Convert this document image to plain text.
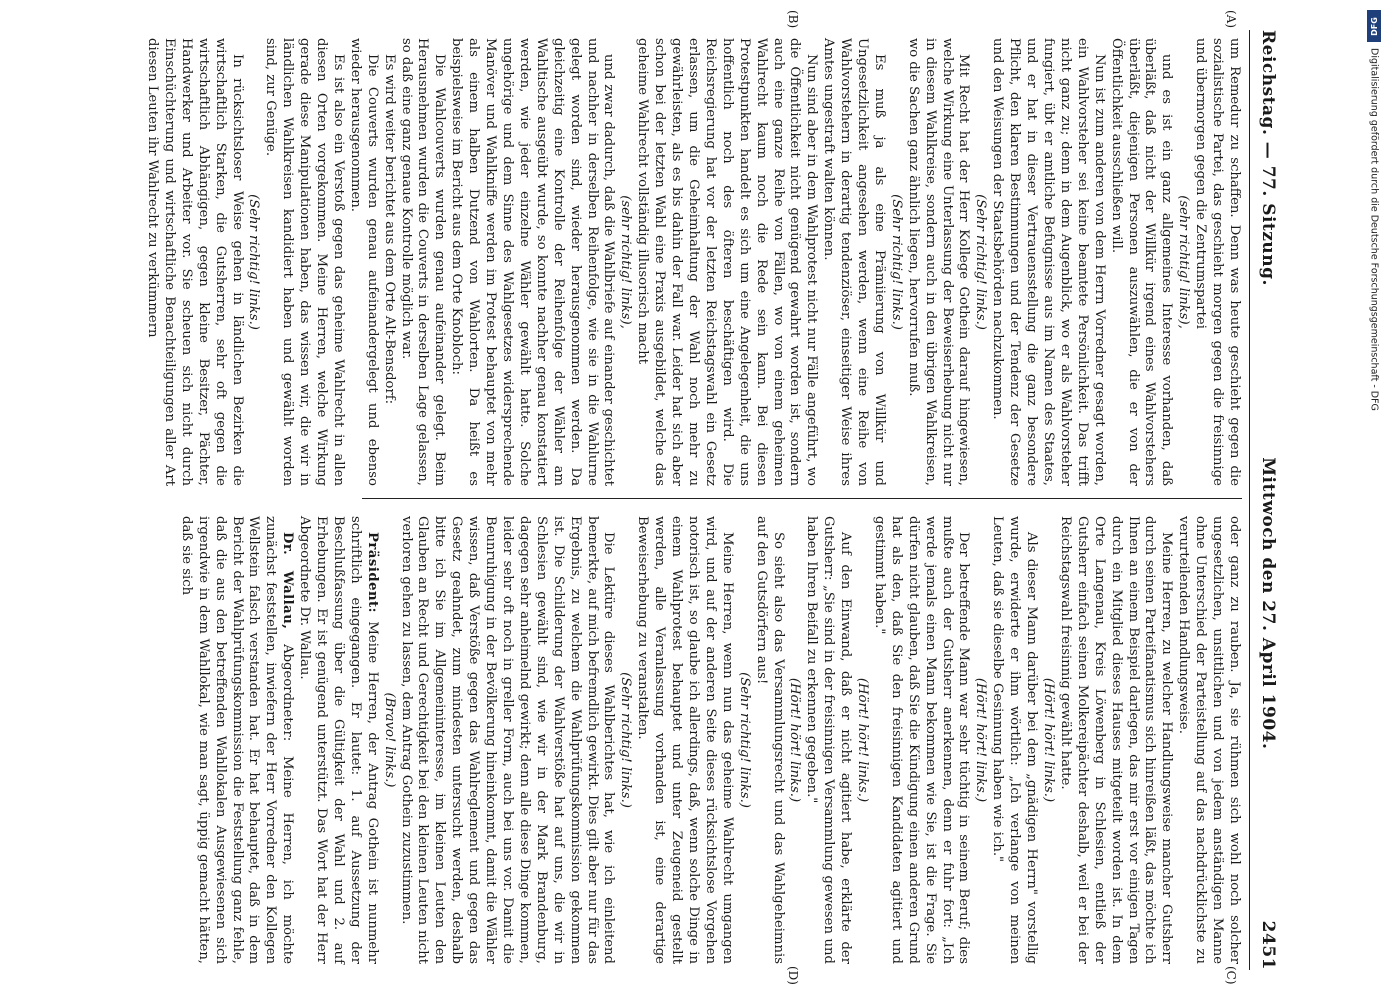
DFG
Digitalisierung gefördert durch die Deutsche Forschungsgemeinschaft - DFG
Reichstag. — 77. Sitzung.
Mittwoch den 27. April 1904.
2451
(A)
(B)
(C)
(D)

um Remedur zu schaffen. Denn was heute geschieht gegen die sozialistische Partei, das geschieht morgen gegen die freisinnige und übermorgen gegen die Zentrumspartei

(sehr richtig! links),

und es ist ein ganz allgemeines Interesse vorhanden, daß überläßt, daß nicht der Willkür irgend eines Wahlvorstehers überläßt, diejenigen Personen auszuwählen, die er von der Öffentlichkeit ausschließen will.

Nun ist zum anderen von dem Herrn Vorredner gesagt worden, ein Wahlvorsteher sei keine beamtete Persönlichkeit. Das trifft nicht ganz zu; denn in dem Augenblick, wo er als Wahlvorsteher fungiert, übt er amtliche Befugnisse aus im Namen des Staates, und er hat in dieser Vertrauensstellung die ganz besondere Pflicht, den klaren Bestimmungen und der Tendenz der Gesetze und den Weisungen der Staatsbehörden nachzukommen.

(Sehr richtig! links.)

Mit Recht hat der Herr Kollege Gothein darauf hingewiesen, welche Wirkung eine Unterlassung der Beweiserhebung nicht nur in diesem Wahlkreise, sondern auch in den übrigen Wahlkreisen, wo die Sachen ganz ähnlich liegen, hervorrufen muß.

(Sehr richtig! links.)

Es muß ja als eine Prämiierung von Willkür und Ungesetzlichkeit angesehen werden, wenn eine Reihe von Wahlvorstehern in derartig tendenziöser, einseitiger Weise ihres Amtes ungestraft walten können.

Nun sind aber in dem Wahlprotest nicht nur Fälle angeführt, wo die Öffentlichkeit nicht genügend gewahrt worden ist, sondern auch eine ganze Reihe von Fällen, wo von einem geheimen Wahlrecht kaum noch die Rede sein kann. Bei diesen Protestpunkten handelt es sich um eine Angelegenheit, die uns hoffentlich noch des öfteren beschäftigen wird. Die Reichsregierung hat vor der letzten Reichstagswahl ein Gesetz erlassen, um die Geheimhaltung der Wahl noch mehr zu gewährleisten, als es bis dahin der Fall war. Leider hat sich aber schon bei der letzten Wahl eine Praxis ausgebildet, welche das geheime Wahlrecht vollständig illusorisch macht

(sehr richtig! links),

und zwar dadurch, daß die Wahlbriefe auf einander geschichtet und nachher in derselben Reihenfolge, wie sie in die Wahlurne gelegt worden sind, wieder herausgenommen werden. Da gleichzeitig eine Kontrolle der Reihenfolge der Wähler am Wahltische ausgeübt wurde, so konnte nachher genau konstatiert werden, wie jeder einzelne Wähler gewählt hatte. Solche ungehörige und dem Sinne des Wahlgesetzes widersprechende Manöver und Wahlkniffe werden im Protest behauptet von mehr als einem halben Dutzend von Wahlorten. Da heißt es beispielsweise im Bericht aus dem Orte Knobloch:

Die Wahlcouverts wurden genau aufeinander gelegt. Beim Herausnehmen wurden die Couverts in derselben Lage gelassen, so daß eine ganz genaue Kontrolle möglich war.

Es wird weiter berichtet aus dem Orte Alt-Bensdorf:

Die Couverts wurden genau aufeinandergelegt und ebenso wieder herausgenommen.

Es ist also ein Verstoß gegen das geheime Wahlrecht in allen diesen Orten vorgekommen. Meine Herren, welche Wirkung gerade diese Manipulationen haben, das wissen wir, die wir in ländlichen Wahlkreisen kandidiert haben und gewählt worden sind, zur Genüge.

(Sehr richtig! links.)

In rücksichtsloser Weise gehen in ländlichen Bezirken die wirtschaftlich Starken, die Gutsherren, sehr oft gegen die wirtschaftlich Abhängigen, gegen kleine Besitzer, Pächter, Handwerker und Arbeiter vor. Sie scheuen sich nicht durch Einschüchterung und wirtschaftliche Benachteiligungen aller Art diesen Leuten ihr Wahlrecht zu verkümmern

oder ganz zu rauben. Ja, sie rühmen sich wohl noch solcher ungesetzlichen, unsittlichen und von jedem anständigen Manne ohne Unterschied der Parteistellung auf das nachdrücklichste zu verurteilenden Handlungsweise.

Meine Herren, zu welcher Handlungsweise mancher Gutsherr durch seinen Parteifanatismus sich hinreißen läßt, das möchte ich Ihnen an einem Beispiel darlegen, das mir erst vor einigen Tagen durch ein Mitglied dieses Hauses mitgeteilt worden ist. In dem Orte Langenau, Kreis Löwenberg in Schlesien, entließ der Gutsherr einfach seinen Molkereipächter deshalb, weil er bei der Reichstagswahl freisinnig gewählt hatte.

(Hört! hört! links.)

Als dieser Mann darüber bei dem „gnädigen Herrn" vorstellig wurde, erwiderte er ihm wörtlich: „Ich verlange von meinen Leuten, daß sie dieselbe Gesinnung haben wie ich."

(Hört! hört! links.)

Der betreffende Mann war sehr tüchtig in seinem Beruf; dies mußte auch der Gutsherr anerkennen, denn er fuhr fort: „Ich werde jemals einen Mann bekommen wie Sie, ist die Frage. Sie dürfen nicht glauben, daß Sie die Kündigung einen anderen Grund hat als den, daß Sie den freisinnigen Kandidaten agitiert und gestimmt haben."

(Hört! hört! links.)

Auf den Einwand, daß er nicht agitiert habe, erklärte der Gutsherr: „Sie sind in der freisinnigen Versammlung gewesen und haben Ihren Beifall zu erkennen gegeben."

(Hört! hört! links.)

So sieht also das Versammlungsrecht und das Wahlgeheimnis auf den Gutsdörfern aus!

(Sehr richtig! links.)

Meine Herren, wenn nun das geheime Wahlrecht umgangen wird, und auf der anderen Seite dieses rücksichtslose Vorgehen notorisch ist, so glaube ich allerdings, daß, wenn solche Dinge in einem Wahlprotest behauptet und unter Zeugeneid gestellt werden, alle Veranlassung vorhanden ist, eine derartige Beweiserhebung zu veranstalten.

(Sehr richtig! links.)

Die Lektüre dieses Wahlberichtes hat, wie ich einleitend bemerkte, auf mich befremdlich gewirkt. Dies gilt aber nur für das Ergebnis, zu welchem die Wahlprüfungskommission gekommen ist. Die Schilderung der Wahlverstöße hat auf uns, die wir in Schlesien gewählt sind, wie wir in der Mark Brandenburg, dagegen sehr anheimelnd gewirkt; denn alle diese Dinge kommen, leider sehr oft noch in greller Form, auch bei uns vor. Damit die Beunruhigung in der Bevölkerung hineinkommt, damit die Wähler wissen, daß Verstöße gegen das Wahlreglement und gegen das Gesetz geahndet, zum mindesten untersucht werden, deshalb bitte ich Sie im Allgemeininteresse, im kleinen Leuten den Glauben an Recht und Gerechtigkeit bei den kleinen Leuten nicht verloren gehen zu lassen, dem Antrag Gothein zuzustimmen.

(Bravo! links.)

Präsident: Meine Herren, der Antrag Gothein ist nunmehr schriftlich eingegangen. Er lautet: 1. auf Aussetzung der Beschlußfassung über die Gültigkeit der Wahl und 2. auf Erhebungen. Er ist genügend unterstützt. Das Wort hat der Herr Abgeordnete Dr. Wallau.

Dr. Wallau, Abgeordneter: Meine Herren, ich möchte zunächst feststellen, inwiefern der Herr Vorredner den Kollegen Wellstein falsch verstanden hat. Er hat behauptet, daß in dem Bericht der Wahlprüfungskommission die Feststellung ganz fehle, daß die aus den betreffenden Wahllokalen Ausgewiesenen sich irgendwie in dem Wahllokal, wie man sagt, üppig gemacht hätten, daß sie sich
